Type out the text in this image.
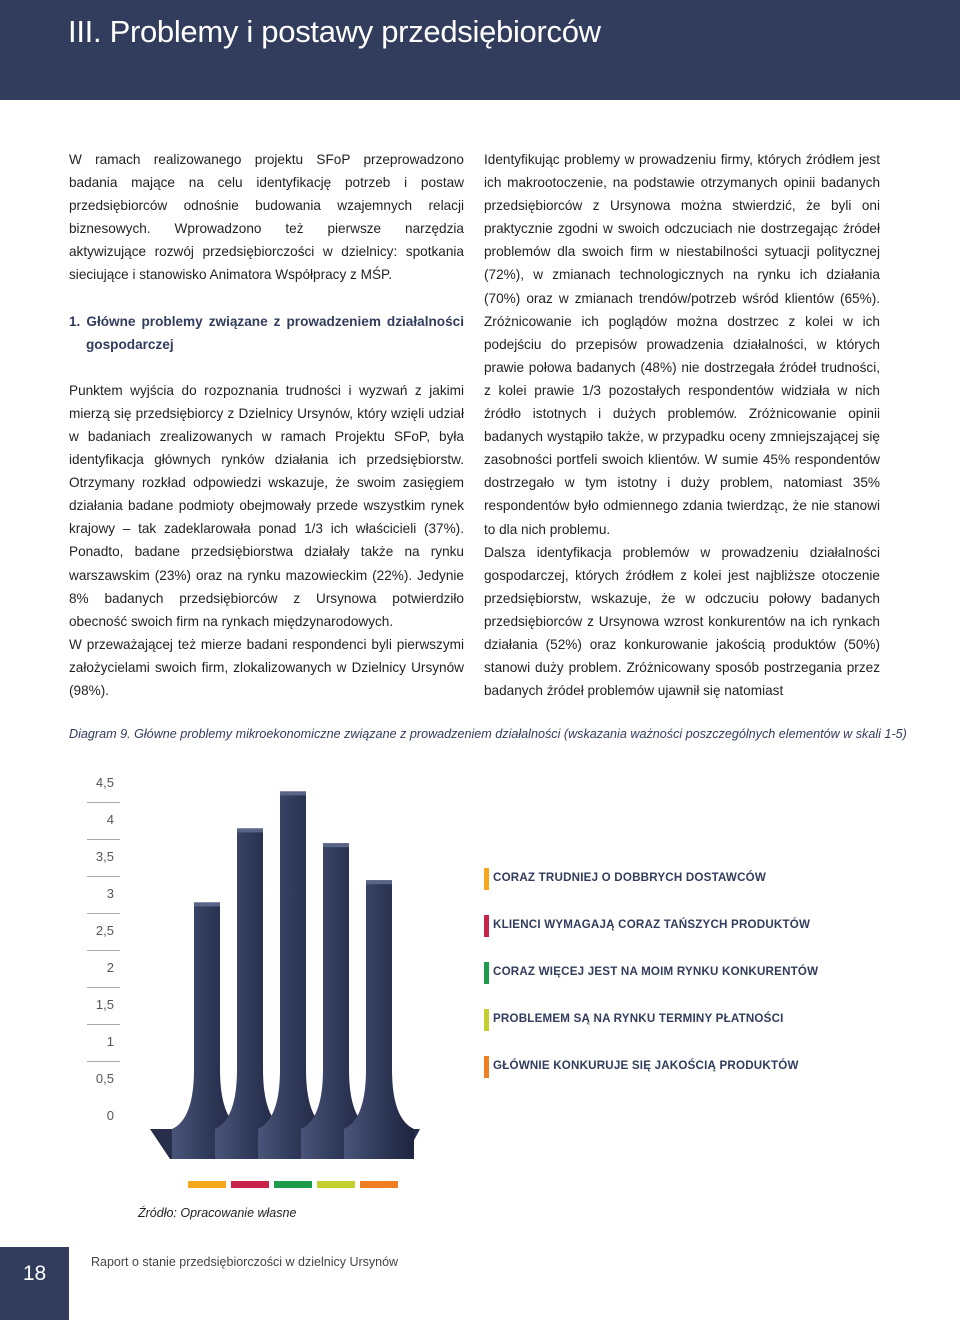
III. Problemy i postawy przedsiębiorców

W ramach realizowanego projektu SFoP przeprowadzono badania mające na celu identyfikację potrzeb i postaw przedsiębiorców odnośnie budowania wzajemnych relacji biznesowych. Wprowadzono też pierwsze narzędzia aktywizujące rozwój przedsiębiorczości w dzielnicy: spotkania sieciujące i stanowisko Animatora Współpracy z MŚP.

1. Główne problemy związane z prowadzeniem działalności gospodarczej

Punktem wyjścia do rozpoznania trudności i wyzwań z jakimi mierzą się przedsiębiorcy z Dzielnicy Ursynów, który wzięli udział w badaniach zrealizowanych w ramach Projektu SFoP, była identyfikacja głównych rynków działania ich przedsiębiorstw. Otrzymany rozkład odpowiedzi wskazuje, że swoim zasięgiem działania badane podmioty obejmowały przede wszystkim rynek krajowy – tak zadeklarowała ponad 1/3 ich właścicieli (37%). Ponadto, badane przedsiębiorstwa działały także na rynku warszawskim (23%) oraz na rynku mazowieckim (22%). Jedynie 8% badanych przedsiębiorców z Ursynowa potwierdziło obecność swoich firm na rynkach międzynarodowych.

W przeważającej też mierze badani respondenci byli pierwszymi założycielami swoich firm, zlokalizowanych w Dzielnicy Ursynów (98%).

Identyfikując problemy w prowadzeniu firmy, których źródłem jest ich makrootoczenie, na podstawie otrzymanych opinii badanych przedsiębiorców z Ursynowa można stwierdzić, że byli oni praktycznie zgodni w swoich odczuciach nie dostrzegając źródeł problemów dla swoich firm w niestabilności sytuacji politycznej (72%), w zmianach technologicznych na rynku ich działania (70%) oraz w zmianach trendów/potrzeb wśród klientów (65%). Zróżnicowanie ich poglądów można dostrzec z kolei w ich podejściu do przepisów prowadzenia działalności, w których prawie połowa badanych (48%) nie dostrzegała źródeł trudności, z kolei prawie 1/3 pozostałych respondentów widziała w nich źródło istotnych i dużych problemów. Zróżnicowanie opinii badanych wystąpiło także, w przypadku oceny zmniejszającej się zasobności portfeli swoich klientów. W sumie 45% respondentów dostrzegało w tym istotny i duży problem, natomiast 35% respondentów było odmiennego zdania twierdząc, że nie stanowi to dla nich problemu.

Dalsza identyfikacja problemów w prowadzeniu działalności gospodarczej, których źródłem z kolei jest najbliższe otoczenie przedsiębiorstw, wskazuje, że w odczuciu połowy badanych przedsiębiorców z Ursynowa wzrost konkurentów na ich rynkach działania (52%) oraz konkurowanie jakością produktów (50%) stanowi duży problem. Zróżnicowany sposób postrzegania przez badanych źródeł problemów ujawnił się natomiast

Diagram 9. Główne problemy mikroekonomiczne związane z prowadzeniem działalności (wskazania ważności poszczególnych elementów w skali 1-5)
4,5
4
3,5
3
2,5
2
1,5
1
0,5
0
CORAZ TRUDNIEJ O DOBBRYCH DOSTAWCÓW
KLIENCI WYMAGAJĄ CORAZ TAŃSZYCH PRODUKTÓW
CORAZ WIĘCEJ JEST NA MOIM RYNKU KONKURENTÓW
PROBLEMEM SĄ NA RYNKU TERMINY PŁATNOŚCI
GŁÓWNIE KONKURUJE SIĘ JAKOŚCIĄ PRODUKTÓW
Źródło: Opracowanie własne
18	Raport o stanie przedsiębiorczości w dzielnicy Ursynów
